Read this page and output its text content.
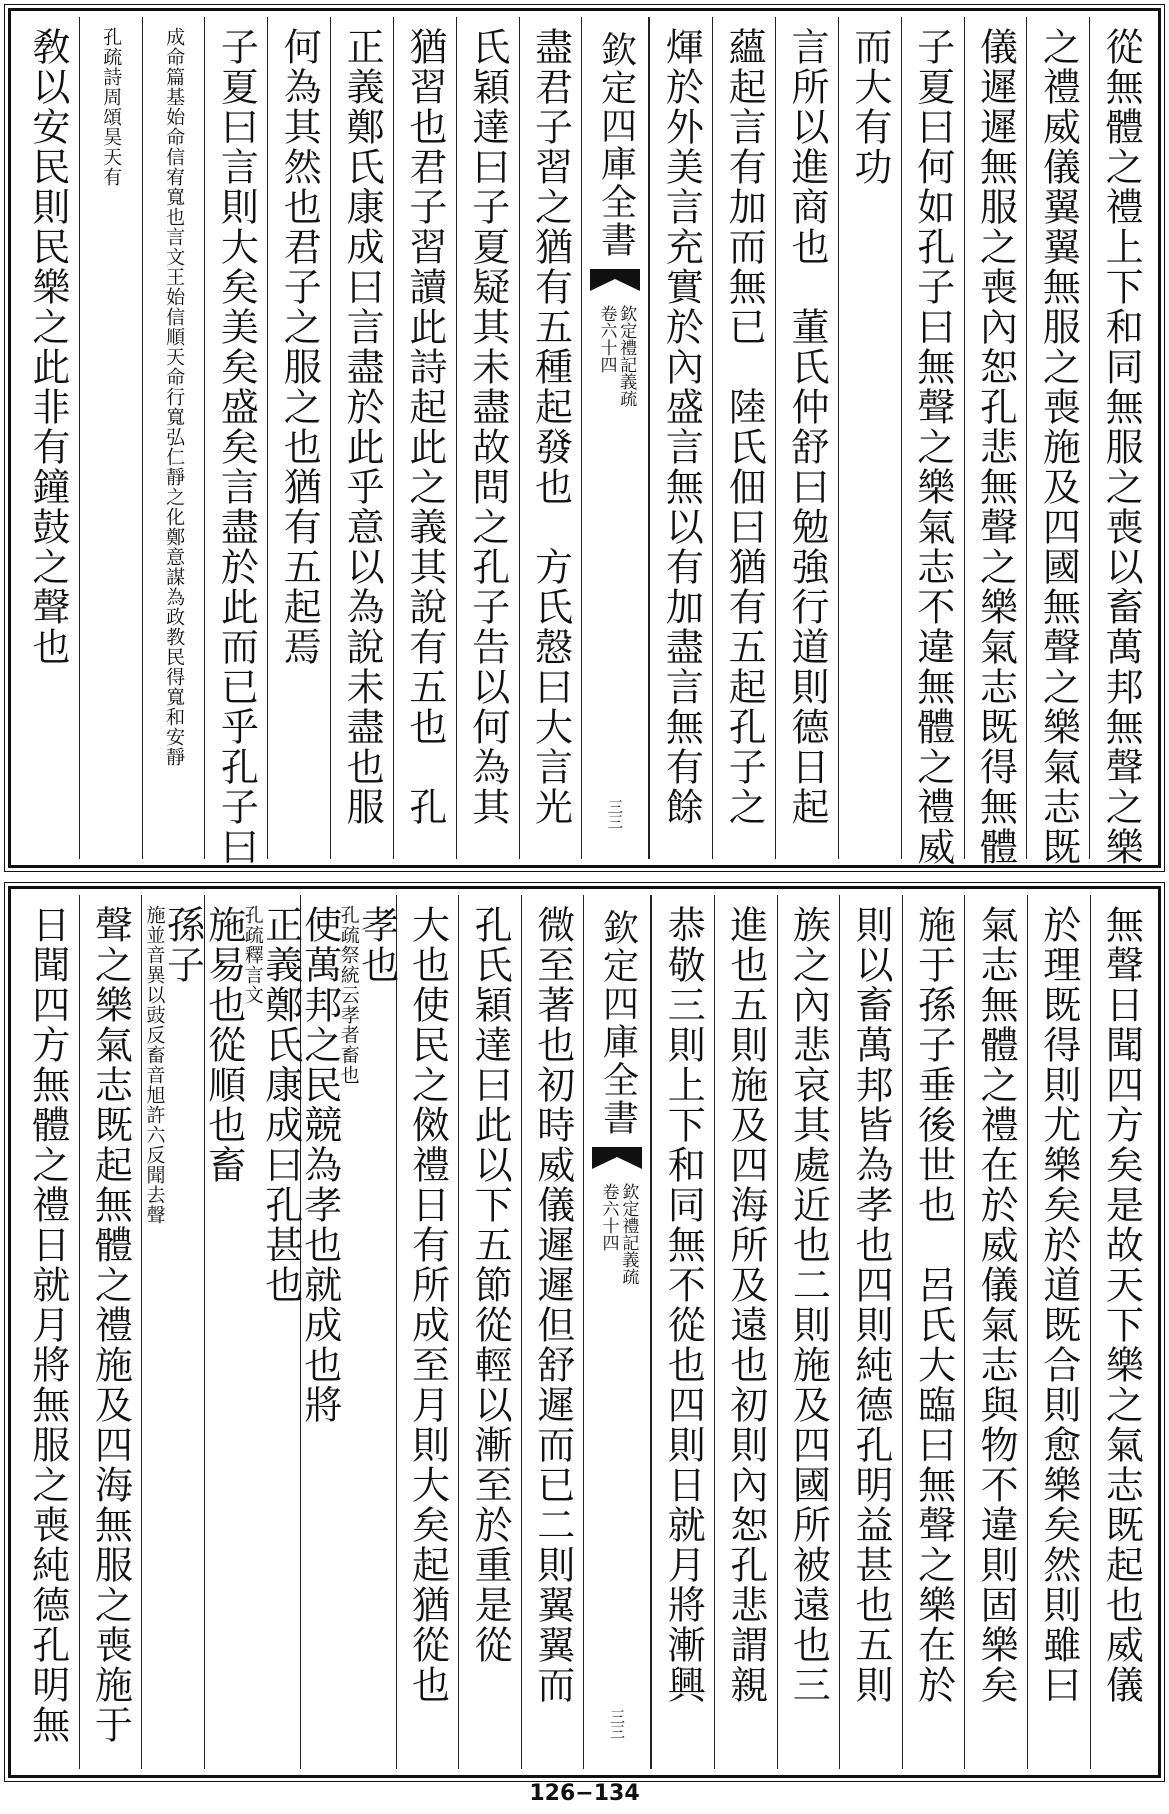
敎以安民則民樂之此非有鐘鼓之聲也 孔疏詩周頌昊天有 成命篇基始命信宥寬也言文王始信順天命行
寬弘仁靜之化鄭意謀為政教民得寬和安靜 子夏曰言則大矣美矣盛矣言盡於此而已乎孔子曰 何為其然也君子之服之也猶有五起焉 正義鄭氏康成曰言盡於此乎意以為說未盡也服 猶習也君子習讀此詩起此之義其說有五也　孔 氏穎達曰子夏疑其未盡故問之孔子告以何為其 盡君子習之猶有五種起發也　方氏慤曰大言光 欽定四庫全書
欽定禮記義疏
卷六十四
三三 煇於外美言充實於內盛言無以有加盡言無有餘 蘊起言有加而無已　陸氏佃曰猶有五起孔子之 言所以進商也　董氏仲舒曰勉強行道則德日起 而大有功 子夏曰何如孔子曰無聲之樂氣志不違無體之禮威 儀遲遲無服之喪內恕孔悲無聲之樂氣志既得無體 之禮威儀翼翼無服之喪施及四國無聲之樂氣志既 從無體之禮上下和同無服之喪以畜萬邦無聲之樂
日聞四方無體之禮日就月將無服之喪純德孔明無 聲之樂氣志既起無體之禮施及四海無服之喪施于 孫子
施並音異以豉反畜
音旭許六反聞去聲 正義鄭氏康成曰孔甚也
孔疏釋
言文
施易也從順也畜	孝也
孔疏祭統云
孝者畜也
使萬邦之民競為孝也就成也將 大也使民之傚禮日有所成至月則大矣起猶從也 孔氏穎達曰此以下五節從輕以漸至於重是從 微至著也初時威儀遲遲但舒遲而已二則翼翼而 欽定四庫全書
欽定禮記義疏
卷六十四
三三
恭敬三則上下和同無不從也四則日就月將漸興 進也五則施及四海所及遠也初則內恕孔悲謂親 族之內悲哀其處近也二則施及四國所被遠也三 則以畜萬邦皆為孝也四則純德孔明益甚也五則 施于孫子垂後世也　呂氏大臨曰無聲之樂在於 氣志無體之禮在於威儀氣志與物不違則固樂矣 於理既得則尤樂矣於道既合則愈樂矣然則雖曰 無聲日聞四方矣是故天下樂之氣志既起也威儀
126−134
